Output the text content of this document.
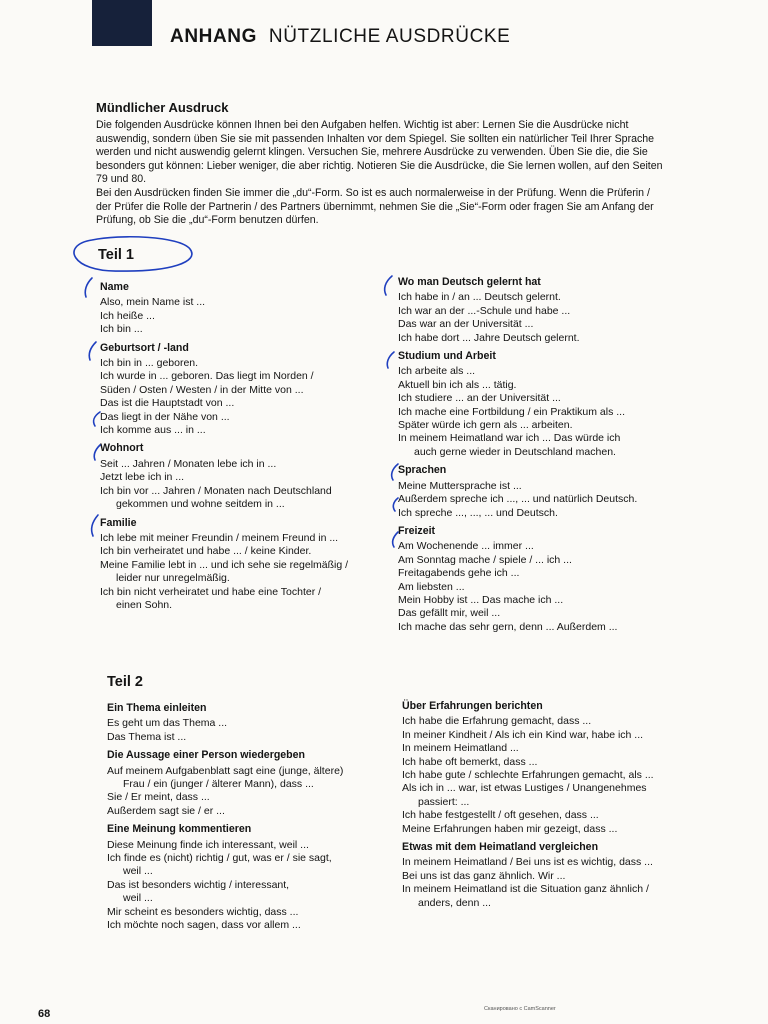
ANHANG NÜTZLICHE AUSDRÜCKE
Mündlicher Ausdruck

Die folgenden Ausdrücke können Ihnen bei den Aufgaben helfen. Wichtig ist aber: Lernen Sie die Ausdrücke nicht auswendig, sondern üben Sie sie mit passenden Inhalten vor dem Spiegel. Sie sollten ein natürlicher Teil Ihrer Sprache werden und nicht auswendig gelernt klingen. Versuchen Sie, mehrere Ausdrücke zu verwenden. Üben Sie die, die Sie besonders gut können: Lieber weniger, die aber richtig. Notieren Sie die Ausdrücke, die Sie lernen wollen, auf den Seiten 79 und 80.

Bei den Ausdrücken finden Sie immer die „du“-Form. So ist es auch normalerweise in der Prüfung. Wenn die Prüferin / der Prüfer die Rolle der Partnerin / des Partners übernimmt, nehmen Sie die „Sie“-Form oder fragen Sie am Anfang der Prüfung, ob Sie die „du“-Form benutzen dürfen.

Teil 1
Name
Also, mein Name ist ...
Ich heiße ...
Ich bin ...
Geburtsort / -land
Ich bin in ... geboren.
Ich wurde in ... geboren. Das liegt im Norden /
Süden / Osten / Westen / in der Mitte von ...
Das ist die Hauptstadt von ...
Das liegt in der Nähe von ...
Ich komme aus ... in ...
Wohnort
Seit ... Jahren / Monaten lebe ich in ...
Jetzt lebe ich in ...
Ich bin vor ... Jahren / Monaten nach Deutschland
gekommen und wohne seitdem in ...
Familie
Ich lebe mit meiner Freundin / meinem Freund in ...
Ich bin verheiratet und habe ... / keine Kinder.
Meine Familie lebt in ... und ich sehe sie regelmäßig /
leider nur unregelmäßig.
Ich bin nicht verheiratet und habe eine Tochter /
einen Sohn.
Wo man Deutsch gelernt hat
Ich habe in / an ... Deutsch gelernt.
Ich war an der ...-Schule und habe ...
Das war an der Universität ...
Ich habe dort ... Jahre Deutsch gelernt.
Studium und Arbeit
Ich arbeite als ...
Aktuell bin ich als ... tätig.
Ich studiere ... an der Universität ...
Ich mache eine Fortbildung / ein Praktikum als ...
Später würde ich gern als ... arbeiten.
In meinem Heimatland war ich ... Das würde ich
auch gerne wieder in Deutschland machen.
Sprachen
Meine Muttersprache ist ...
Außerdem spreche ich ..., ... und natürlich Deutsch.
Ich spreche ..., ..., ... und Deutsch.
Freizeit
Am Wochenende ... immer ...
Am Sonntag mache / spiele / ... ich ...
Freitagabends gehe ich ...
Am liebsten ...
Mein Hobby ist ... Das mache ich ...
Das gefällt mir, weil ...
Ich mache das sehr gern, denn ... Außerdem ...
Teil 2
Ein Thema einleiten
Es geht um das Thema ...
Das Thema ist ...
Die Aussage einer Person wiedergeben
Auf meinem Aufgabenblatt sagt eine (junge, ältere)
Frau / ein (junger / älterer Mann), dass ...
Sie / Er meint, dass ...
Außerdem sagt sie / er ...
Eine Meinung kommentieren
Diese Meinung finde ich interessant, weil ...
Ich finde es (nicht) richtig / gut, was er / sie sagt,
weil ...
Das ist besonders wichtig / interessant,
weil ...
Mir scheint es besonders wichtig, dass ...
Ich möchte noch sagen, dass vor allem ...
Über Erfahrungen berichten
Ich habe die Erfahrung gemacht, dass ...
In meiner Kindheit / Als ich ein Kind war, habe ich ...
In meinem Heimatland ...
Ich habe oft bemerkt, dass ...
Ich habe gute / schlechte Erfahrungen gemacht, als ...
Als ich in ... war, ist etwas Lustiges / Unangenehmes
passiert: ...
Ich habe festgestellt / oft gesehen, dass ...
Meine Erfahrungen haben mir gezeigt, dass ...
Etwas mit dem Heimatland vergleichen
In meinem Heimatland / Bei uns ist es wichtig, dass ...
Bei uns ist das ganz ähnlich. Wir ...
In meinem Heimatland ist die Situation ganz ähnlich /
anders, denn ...
68	Сканировано с CamScanner
